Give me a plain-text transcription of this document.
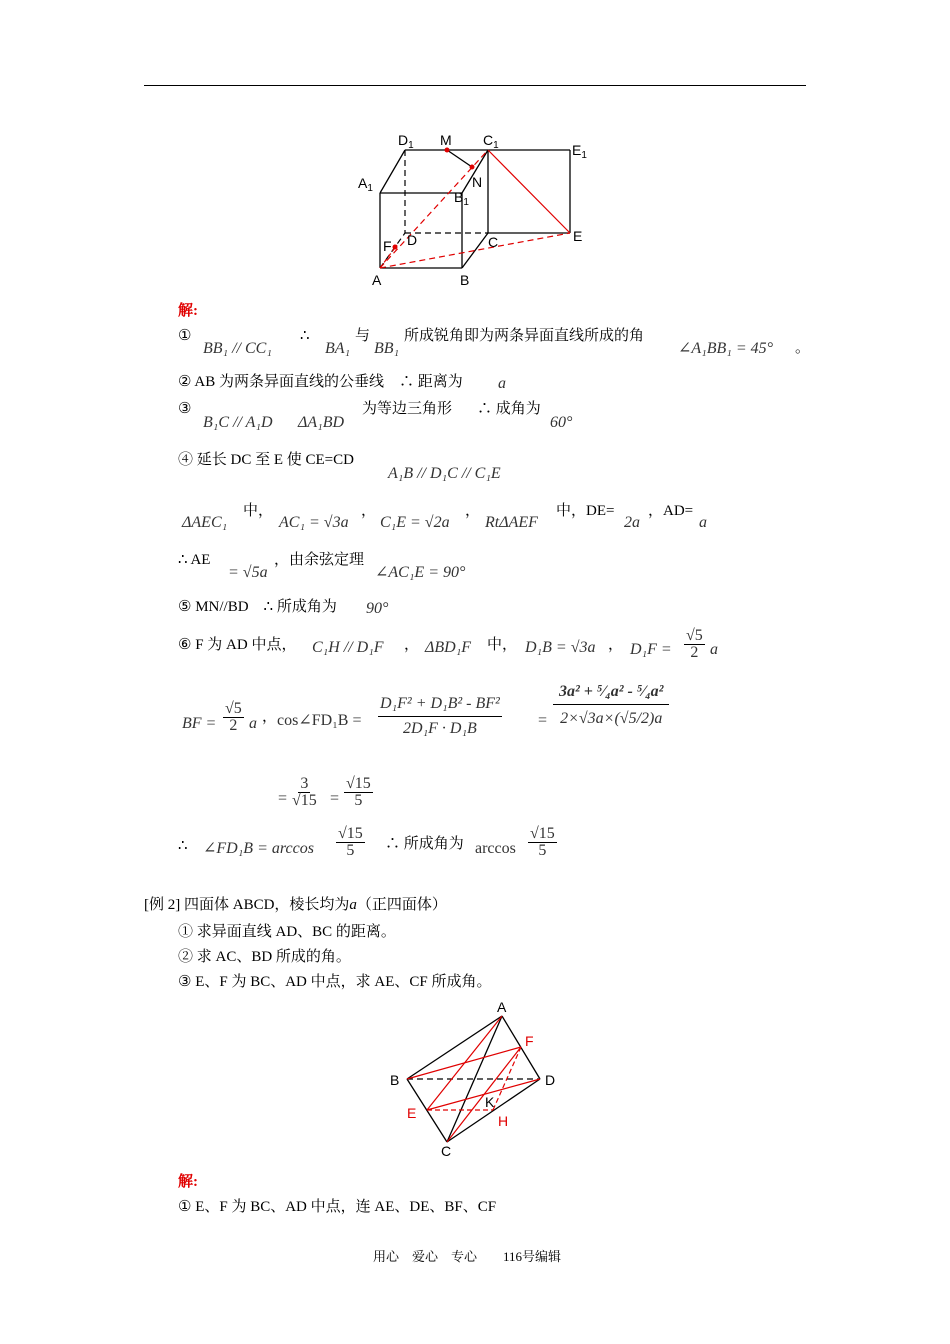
$D_1$ M $C_1$	$E_1$
$A_1$	N
$B_1$
F D	C	E
A	B
解:
①
BB₁ // CC₁
∴
BA₁
与
BB₁
所成锐角即为两条异面直线所成的角
∠A₁BB₁ = 45° 。
② AB 为两条异面直线的公垂线　∴ 距离为 a
③
B₁C // A₁D ΔA₁BD
为等边三角形 ∴ 成角为
60°
④ 延长 DC 至 E 使 CE=CD
A₁B // D₁C // C₁E
ΔAEC₁
中，
AC₁ = √3a
，
C₁E = √2a
，
RtΔAEF
中，DE=
2a
，AD=
a
∴ AE
= √5a
，由余弦定理
∠AC₁E = 90°
⑤ MN//BD　∴ 所成角为 90°
⑥ F 为 AD 中点， C₁H // D₁F ， ΔBD₁F 中， D₁B = √3a ， $D_1F = \frac{√5}{2}$ a
BF = $\frac{√5}{2}$ a ， cos∠FD₁B = $\frac{\text{D₁F² + D₁B² - BF²}}{\text{2D₁F · D₁B}} = \frac{\text{3a² + ⁵⁄₄a² - ⁵⁄₄a²}}{2\times√3a\times(√5/2)a}$
= $\frac{3}{√15} = \frac{√15}{5}$
∴ ∠FD₁B = $\arccos \frac{√15}{5}$ ∴ 所成角为 $\arccos \frac{√15}{5}$
[例 2] 四面体 ABCD，棱长均为a（正四面体）
① 求异面直线 AD、BC 的距离。
② 求 AC、BD 所成的角。
③ E、F 为 BC、AD 中点，求 AE、CF 所成角。
A
F
B	D
E
K
H
C
解:
① E、F 为 BC、AD 中点，连 AE、DE、BF、CF
用心　爱心　专心　　116号编辑
